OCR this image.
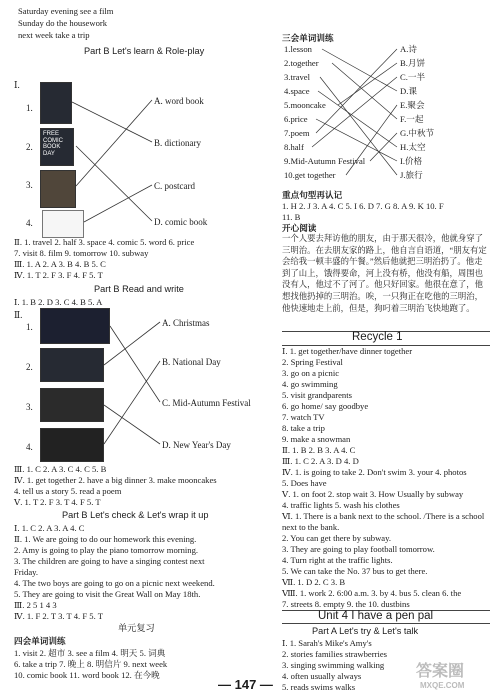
Saturday evening see a film
Sunday do the housework
next week take a trip
Part B Let's learn & Role-play
Ⅰ.
1.
2.
FREE COMIC BOOK DAY
3.
4.
A. word book
B. dictionary
C. postcard
D. comic book
Ⅱ. 1. travel 2. half 3. space 4. comic 5. word 6. price
7. visit 8. film 9. tomorrow 10. subway
Ⅲ. 1. A 2. A 3. B 4. B 5. C
Ⅳ. 1. T 2. F 3. F 4. F 5. T
Part B Read and write
Ⅰ. 1. B 2. D 3. C 4. B 5. A
Ⅱ.
1.
2.
3.
4.
A. Christmas
B. National Day
C. Mid-Autumn Festival
D. New Year's Day
Ⅲ. 1. C 2. A 3. C 4. C 5. B
Ⅳ. 1. get together 2. have a big dinner 3. make mooncakes
4. tell us a story 5. read a poem
Ⅴ. 1. T 2. F 3. T 4. F 5. T
Part B Let's check & Let's wrap it up
Ⅰ. 1. C 2. A 3. A 4. C
Ⅱ. 1. We are going to do our homework this evening.
2. Amy is going to play the piano tomorrow morning.
3. The children are going to have a singing contest next
Friday.
4. The two boys are going to go on a picnic next weekend.
5. They are going to visit the Great Wall on May 18th.
Ⅲ. 2 5 1 4 3
Ⅳ. 1. F 2. T 3. T 4. F 5. T
单元复习
四会单词训练
1. visit 2. 超市 3. see a film 4. 明天 5. 词典
6. take a trip 7. 晚上 8. 明信片 9. next week
10. comic book 11. word book 12. 在今晚
三会单词训练
1.lesson
2.together
3.travel
4.space
5.mooncake
6.price
7.poem
8.half
9.Mid-Autumn Festival
10.get together
A.诗
B.月饼
C.一半
D.课
E.聚会
F.一起
G.中秋节
H.太空
I.价格
J.旅行
重点句型再认记
1. H 2. J 3. A 4. C 5. I 6. D 7. G 8. A 9. K 10. F
11. B
开心阅读
一个人要去拜访他的朋友，由于那天很冷，他就身穿了三明治。在去朋友家的路上，他自言自语道，“朋友有定会给我一顿丰盛的午餐。”然后他就把三明治扔了。他走到了山上，饿得要命，河上没有桥，他没有船，周围也没有人，他过不了河了。他只好回家。他很在意了，他想找他扔掉的三明治。唉，一只狗正在吃他的三明治，他快速地走上前，但是，狗叼着三明治飞快地跑了。
Recycle 1
Ⅰ. 1. get together/have dinner together
2. Spring Festival
3. go on a picnic
4. go swimming
5. visit grandparents
6. go home/ say goodbye
7. watch TV
8. take a trip
9. make a snowman
Ⅱ. 1. B 2. B 3. A 4. C
Ⅲ. 1. C 2. A 3. D 4. D
Ⅳ. 1. is going to take 2. Don't swim 3. your 4. photos
5. Does have
Ⅴ. 1. on foot 2. stop wait 3. How Usually by subway
4. traffic lights 5. wash his clothes
Ⅵ. 1. There is a bank next to the school. /There is a school
next to the bank.
2. You can get there by subway.
3. They are going to play football tomorrow.
4. Turn right at the traffic lights.
5. We can take the No. 37 bus to get there.
Ⅶ. 1. D 2. C 3. B
Ⅷ. 1. work 2. 6:00 a.m. 3. by 4. bus 5. clean 6. the
7. streets 8. empty 9. the 10. dustbins
Unit 4 I have a pen pal
Part A Let's try & Let's talk
Ⅰ. 1. Sarah's Mike's Amy's
2. stories families strawberries
3. singing swimming walking
4. often usually always
5. reads swims walks
— 147 —
答案圈
MXQE.COM
